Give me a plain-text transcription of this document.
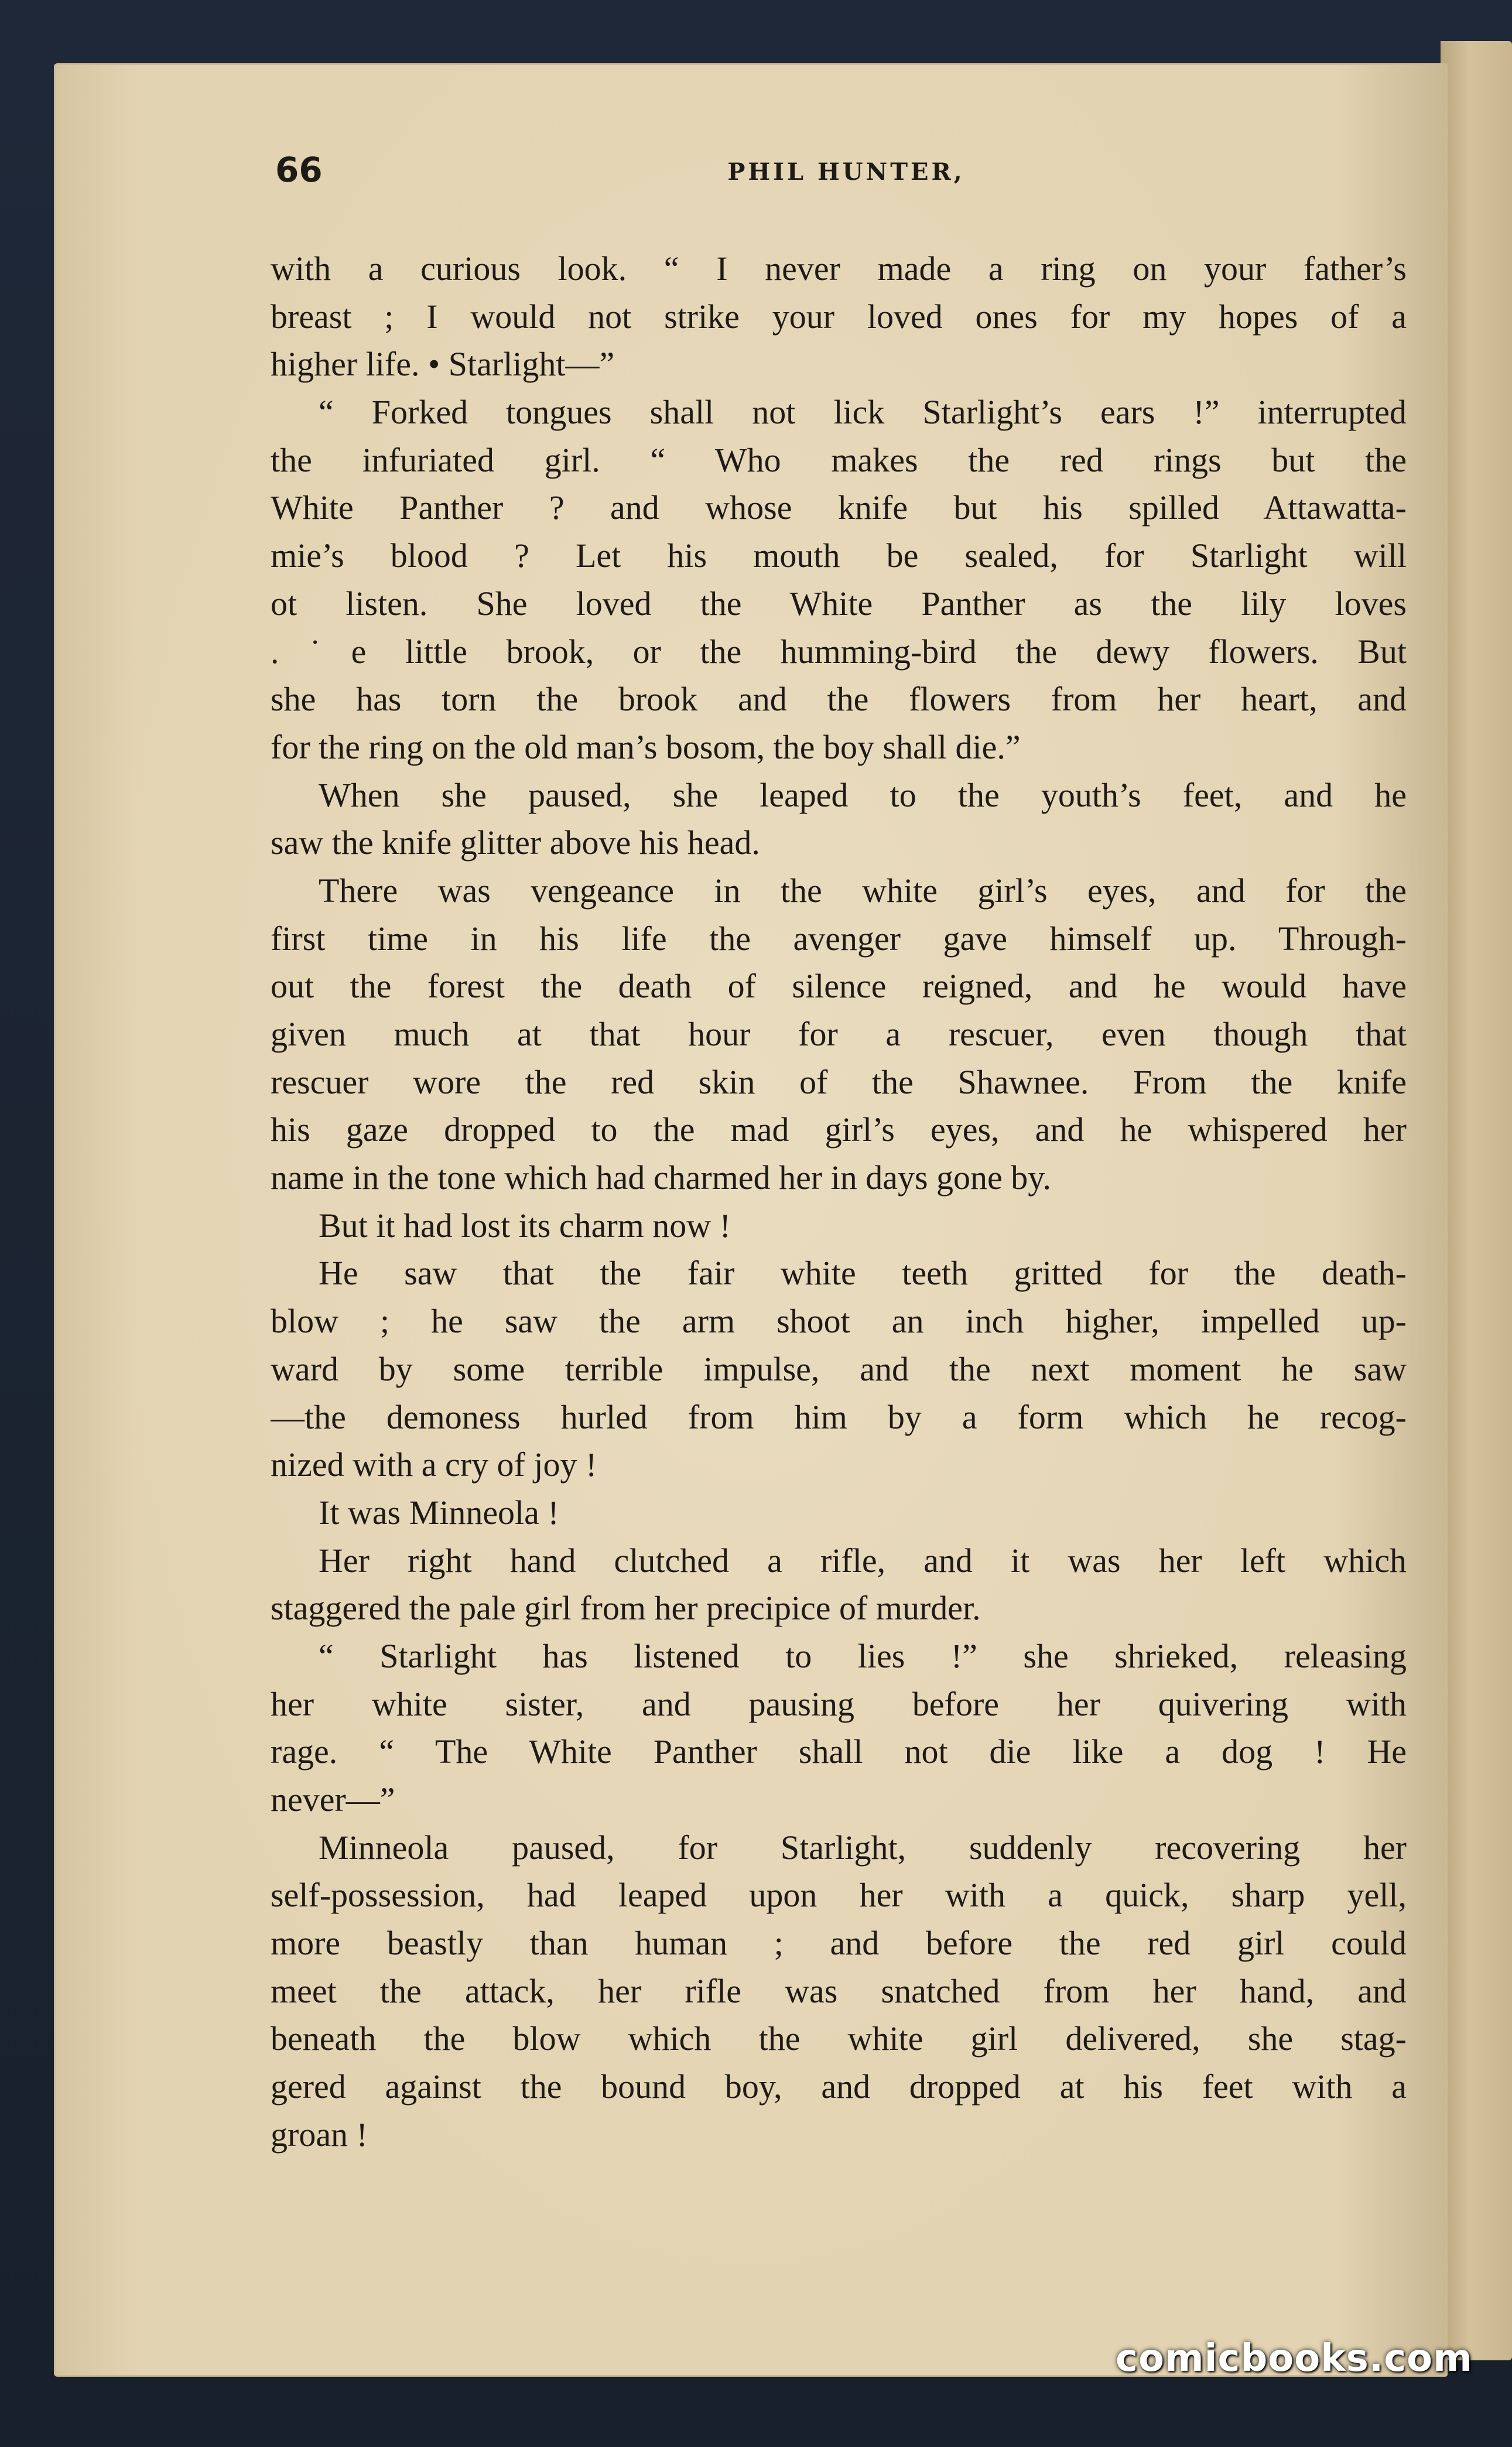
66	PHIL HUNTER,
with a curious look. “ I never made a ring on your father’s
breast ; I would not strike your loved ones for my hopes of a
higher life. • Starlight—”
“ Forked tongues shall not lick Starlight’s ears !” interrupted
the infuriated girl. “ Who makes the red rings but the
White Panther ? and whose knife but his spilled Attawatta-
mie’s blood ? Let his mouth be sealed, for Starlight will
ot listen. She loved the White Panther as the lily loves
.˙e little brook, or the humming-bird the dewy flowers. But
she has torn the brook and the flowers from her heart, and
for the ring on the old man’s bosom, the boy shall die.”
When she paused, she leaped to the youth’s feet, and he
saw the knife glitter above his head.
There was vengeance in the white girl’s eyes, and for the
first time in his life the avenger gave himself up. Through-
out the forest the death of silence reigned, and he would have
given much at that hour for a rescuer, even though that
rescuer wore the red skin of the Shawnee. From the knife
his gaze dropped to the mad girl’s eyes, and he whispered her
name in the tone which had charmed her in days gone by.
But it had lost its charm now !
He saw that the fair white teeth gritted for the death-
blow ; he saw the arm shoot an inch higher, impelled up-
ward by some terrible impulse, and the next moment he saw
—the demoness hurled from him by a form which he recog-
nized with a cry of joy !
It was Minneola !
Her right hand clutched a rifle, and it was her left which
staggered the pale girl from her precipice of murder.
“ Starlight has listened to lies !” she shrieked, releasing
her white sister, and pausing before her quivering with
rage. “ The White Panther shall not die like a dog ! He
never—”
Minneola paused, for Starlight, suddenly recovering her
self-possession, had leaped upon her with a quick, sharp yell,
more beastly than human ; and before the red girl could
meet the attack, her rifle was snatched from her hand, and
beneath the blow which the white girl delivered, she stag-
gered against the bound boy, and dropped at his feet with a
groan !
comicbooks.com
